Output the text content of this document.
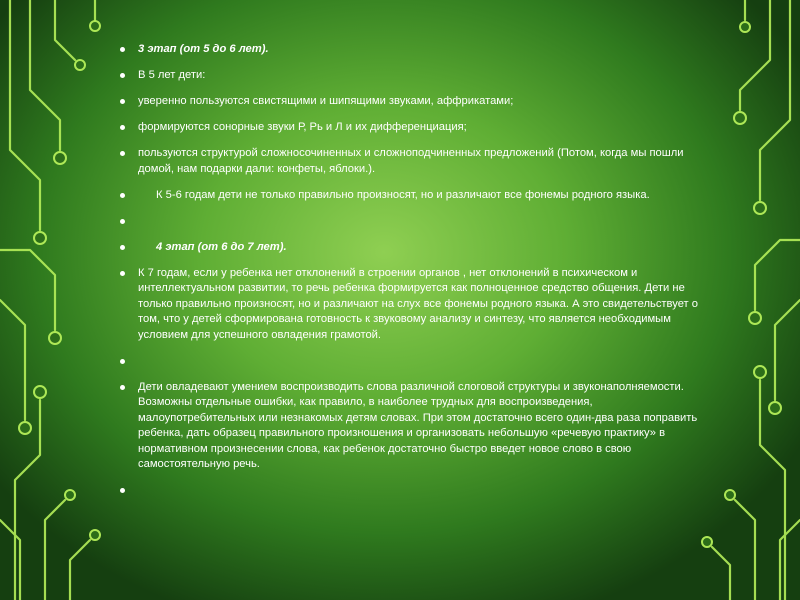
3 этап (от 5 до 6 лет).
В 5 лет дети:
уверенно пользуются свистящими и шипящими звуками, аффрикатами;
формируются сонорные звуки Р, Рь и Л и их дифференциация;
пользуются структурой сложносочиненных и сложноподчиненных предложений (Потом, когда мы пошли домой, нам подарки дали: конфеты, яблоки.).
К 5-6 годам дети не только правильно произносят, но и различают все фонемы родного языка.
4 этап (от 6 до 7 лет).
К 7 годам, если у ребенка нет отклонений в строении органов , нет отклонений в психическом и интеллектуальном развитии, то речь ребенка формируется как полноценное средство общения. Дети не только правильно произносят, но и различают на слух все фонемы родного языка. А это свидетельствует о том, что у детей сформирована готовность к звуковому анализу и синтезу, что является необходимым условием для успешного овладения грамотой.
Дети овладевают умением воспроизводить слова различной слоговой структуры и звуконаполняемости. Возможны отдельные ошибки, как правило, в наиболее трудных для воспроизведения, малоупотребительных или незнакомых детям словах. При этом достаточно всего один-два раза поправить ребенка, дать образец правильного произношения и организовать небольшую «речевую практику» в нормативном произнесении слова, как ребенок достаточно быстро введет новое слово в свою самостоятельную речь.
